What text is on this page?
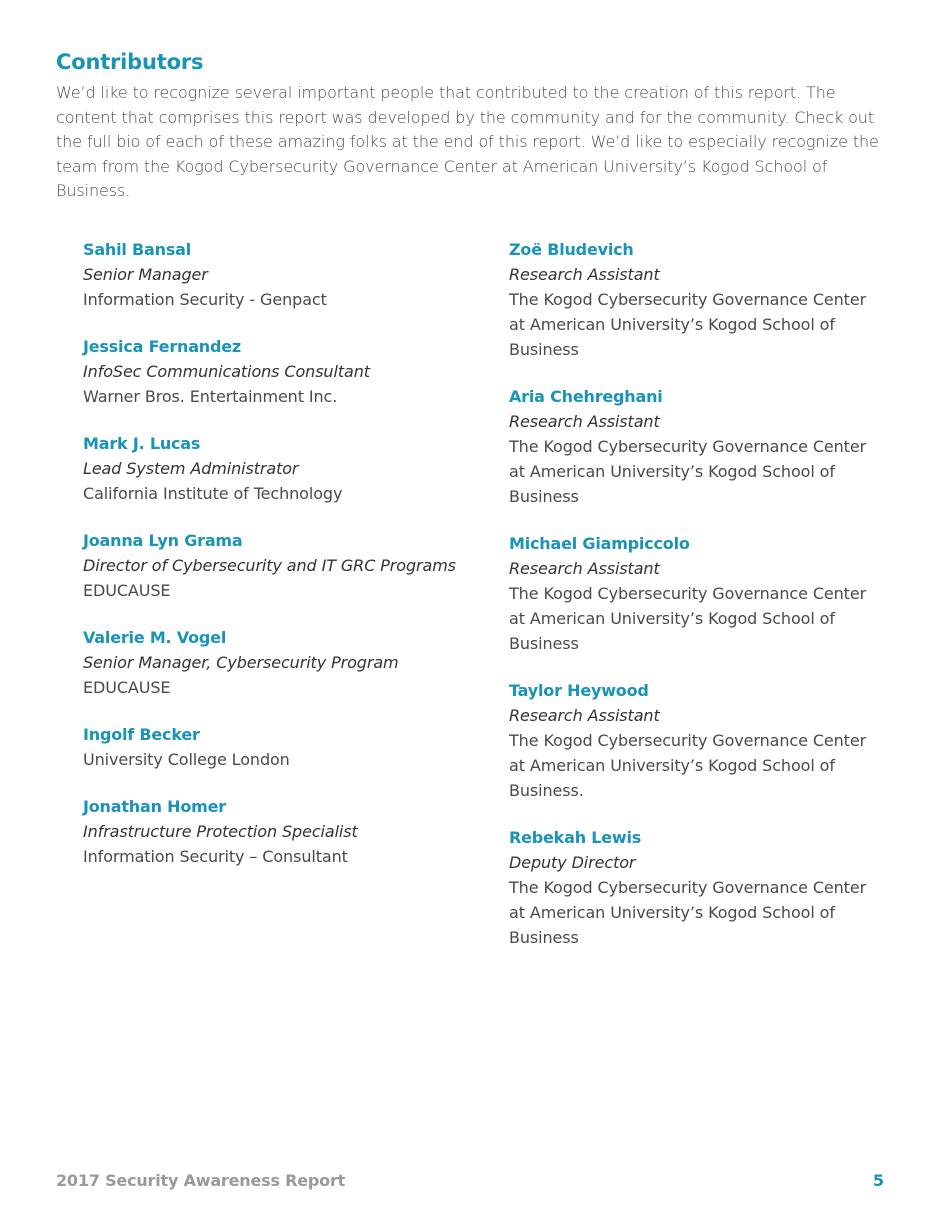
Contributors

We’d like to recognize several important people that contributed to the creation of this report. The content that comprises this report was developed by the community and for the community. Check out the full bio of each of these amazing folks at the end of this report. We’d like to especially recognize the team from the Kogod Cybersecurity Governance Center at American University’s Kogod School of Business.

Sahil Bansal
Senior Manager
Information Security - Genpact
Jessica Fernandez
InfoSec Communications Consultant
Warner Bros. Entertainment Inc.
Mark J. Lucas
Lead System Administrator
California Institute of Technology
Joanna Lyn Grama
Director of Cybersecurity and IT GRC Programs
EDUCAUSE
Valerie M. Vogel
Senior Manager, Cybersecurity Program
EDUCAUSE
Ingolf Becker
University College London
Jonathan Homer
Infrastructure Protection Specialist
Information Security – Consultant
Zoë Bludevich
Research Assistant
The Kogod Cybersecurity Governance Center at American University’s Kogod School of Business
Aria Chehreghani
Research Assistant
The Kogod Cybersecurity Governance Center at American University’s Kogod School of Business
Michael Giampiccolo
Research Assistant
The Kogod Cybersecurity Governance Center at American University’s Kogod School of Business
Taylor Heywood
Research Assistant
The Kogod Cybersecurity Governance Center at American University’s Kogod School of Business.
Rebekah Lewis
Deputy Director
The Kogod Cybersecurity Governance Center at American University’s Kogod School of Business
2017 Security Awareness Report	5
